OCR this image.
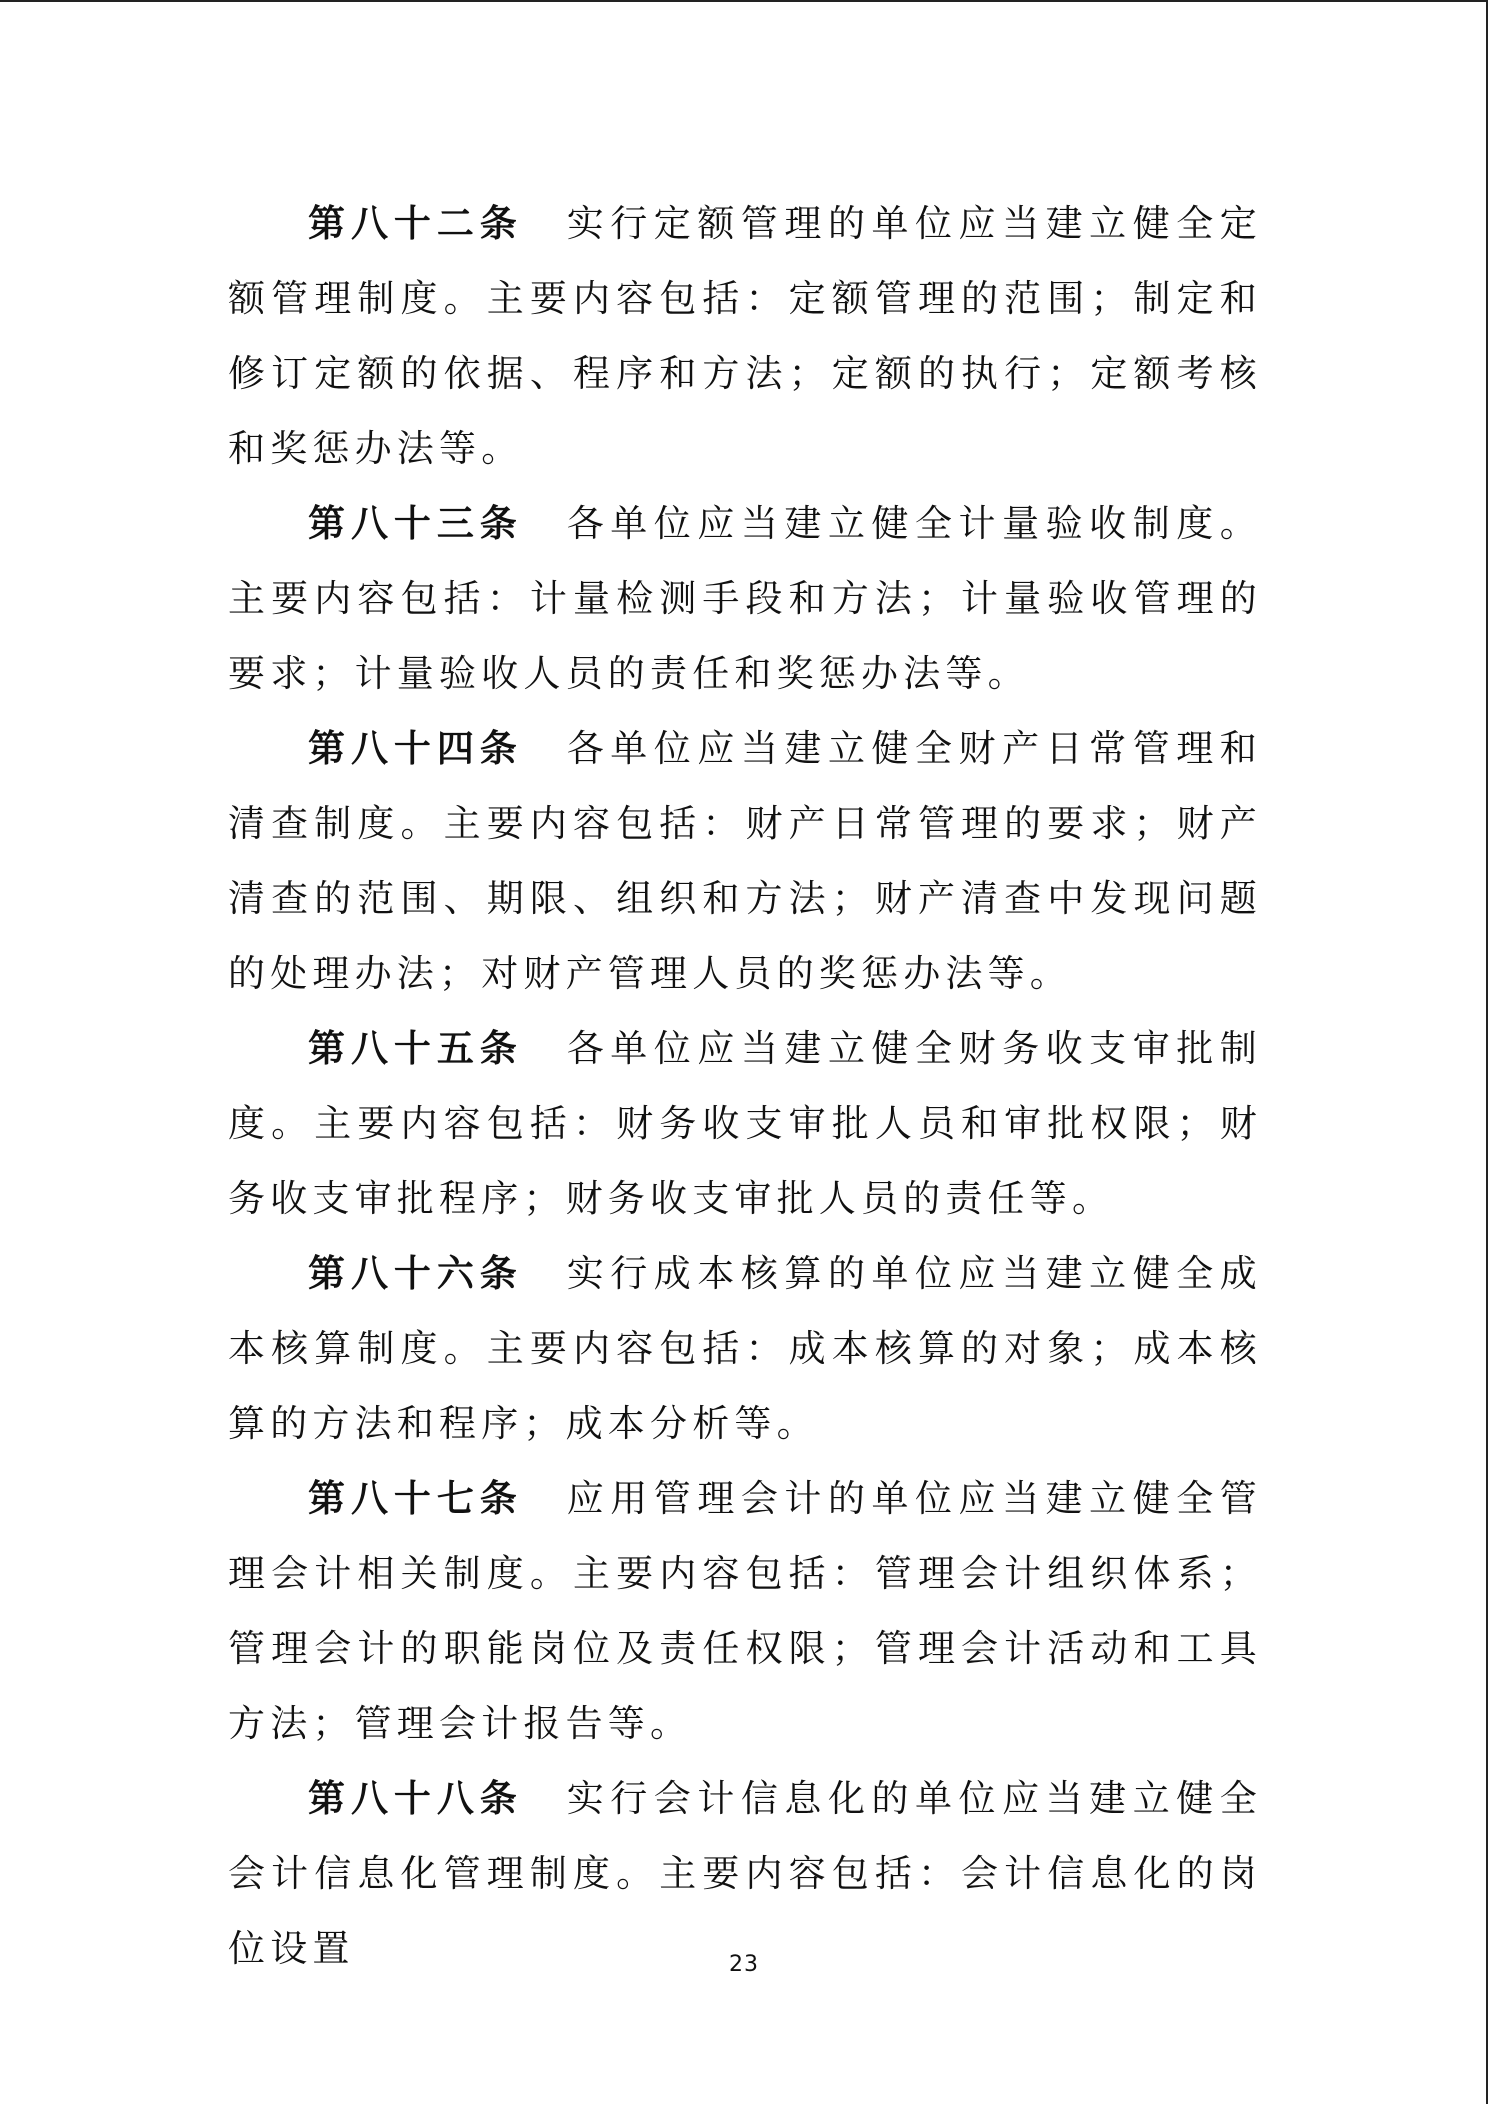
第八十二条 实行定额管理的单位应当建立健全定额管理制度。主要内容包括：定额管理的范围；制定和修订定额的依据、程序和方法；定额的执行；定额考核和奖惩办法等。

第八十三条 各单位应当建立健全计量验收制度。主要内容包括：计量检测手段和方法；计量验收管理的要求；计量验收人员的责任和奖惩办法等。

第八十四条 各单位应当建立健全财产日常管理和清查制度。主要内容包括：财产日常管理的要求；财产清查的范围、期限、组织和方法；财产清查中发现问题的处理办法；对财产管理人员的奖惩办法等。

第八十五条 各单位应当建立健全财务收支审批制度。主要内容包括：财务收支审批人员和审批权限；财务收支审批程序；财务收支审批人员的责任等。

第八十六条 实行成本核算的单位应当建立健全成本核算制度。主要内容包括：成本核算的对象；成本核算的方法和程序；成本分析等。

第八十七条 应用管理会计的单位应当建立健全管理会计相关制度。主要内容包括：管理会计组织体系；管理会计的职能岗位及责任权限；管理会计活动和工具方法；管理会计报告等。

第八十八条 实行会计信息化的单位应当建立健全会计信息化管理制度。主要内容包括：会计信息化的岗位设置	23
